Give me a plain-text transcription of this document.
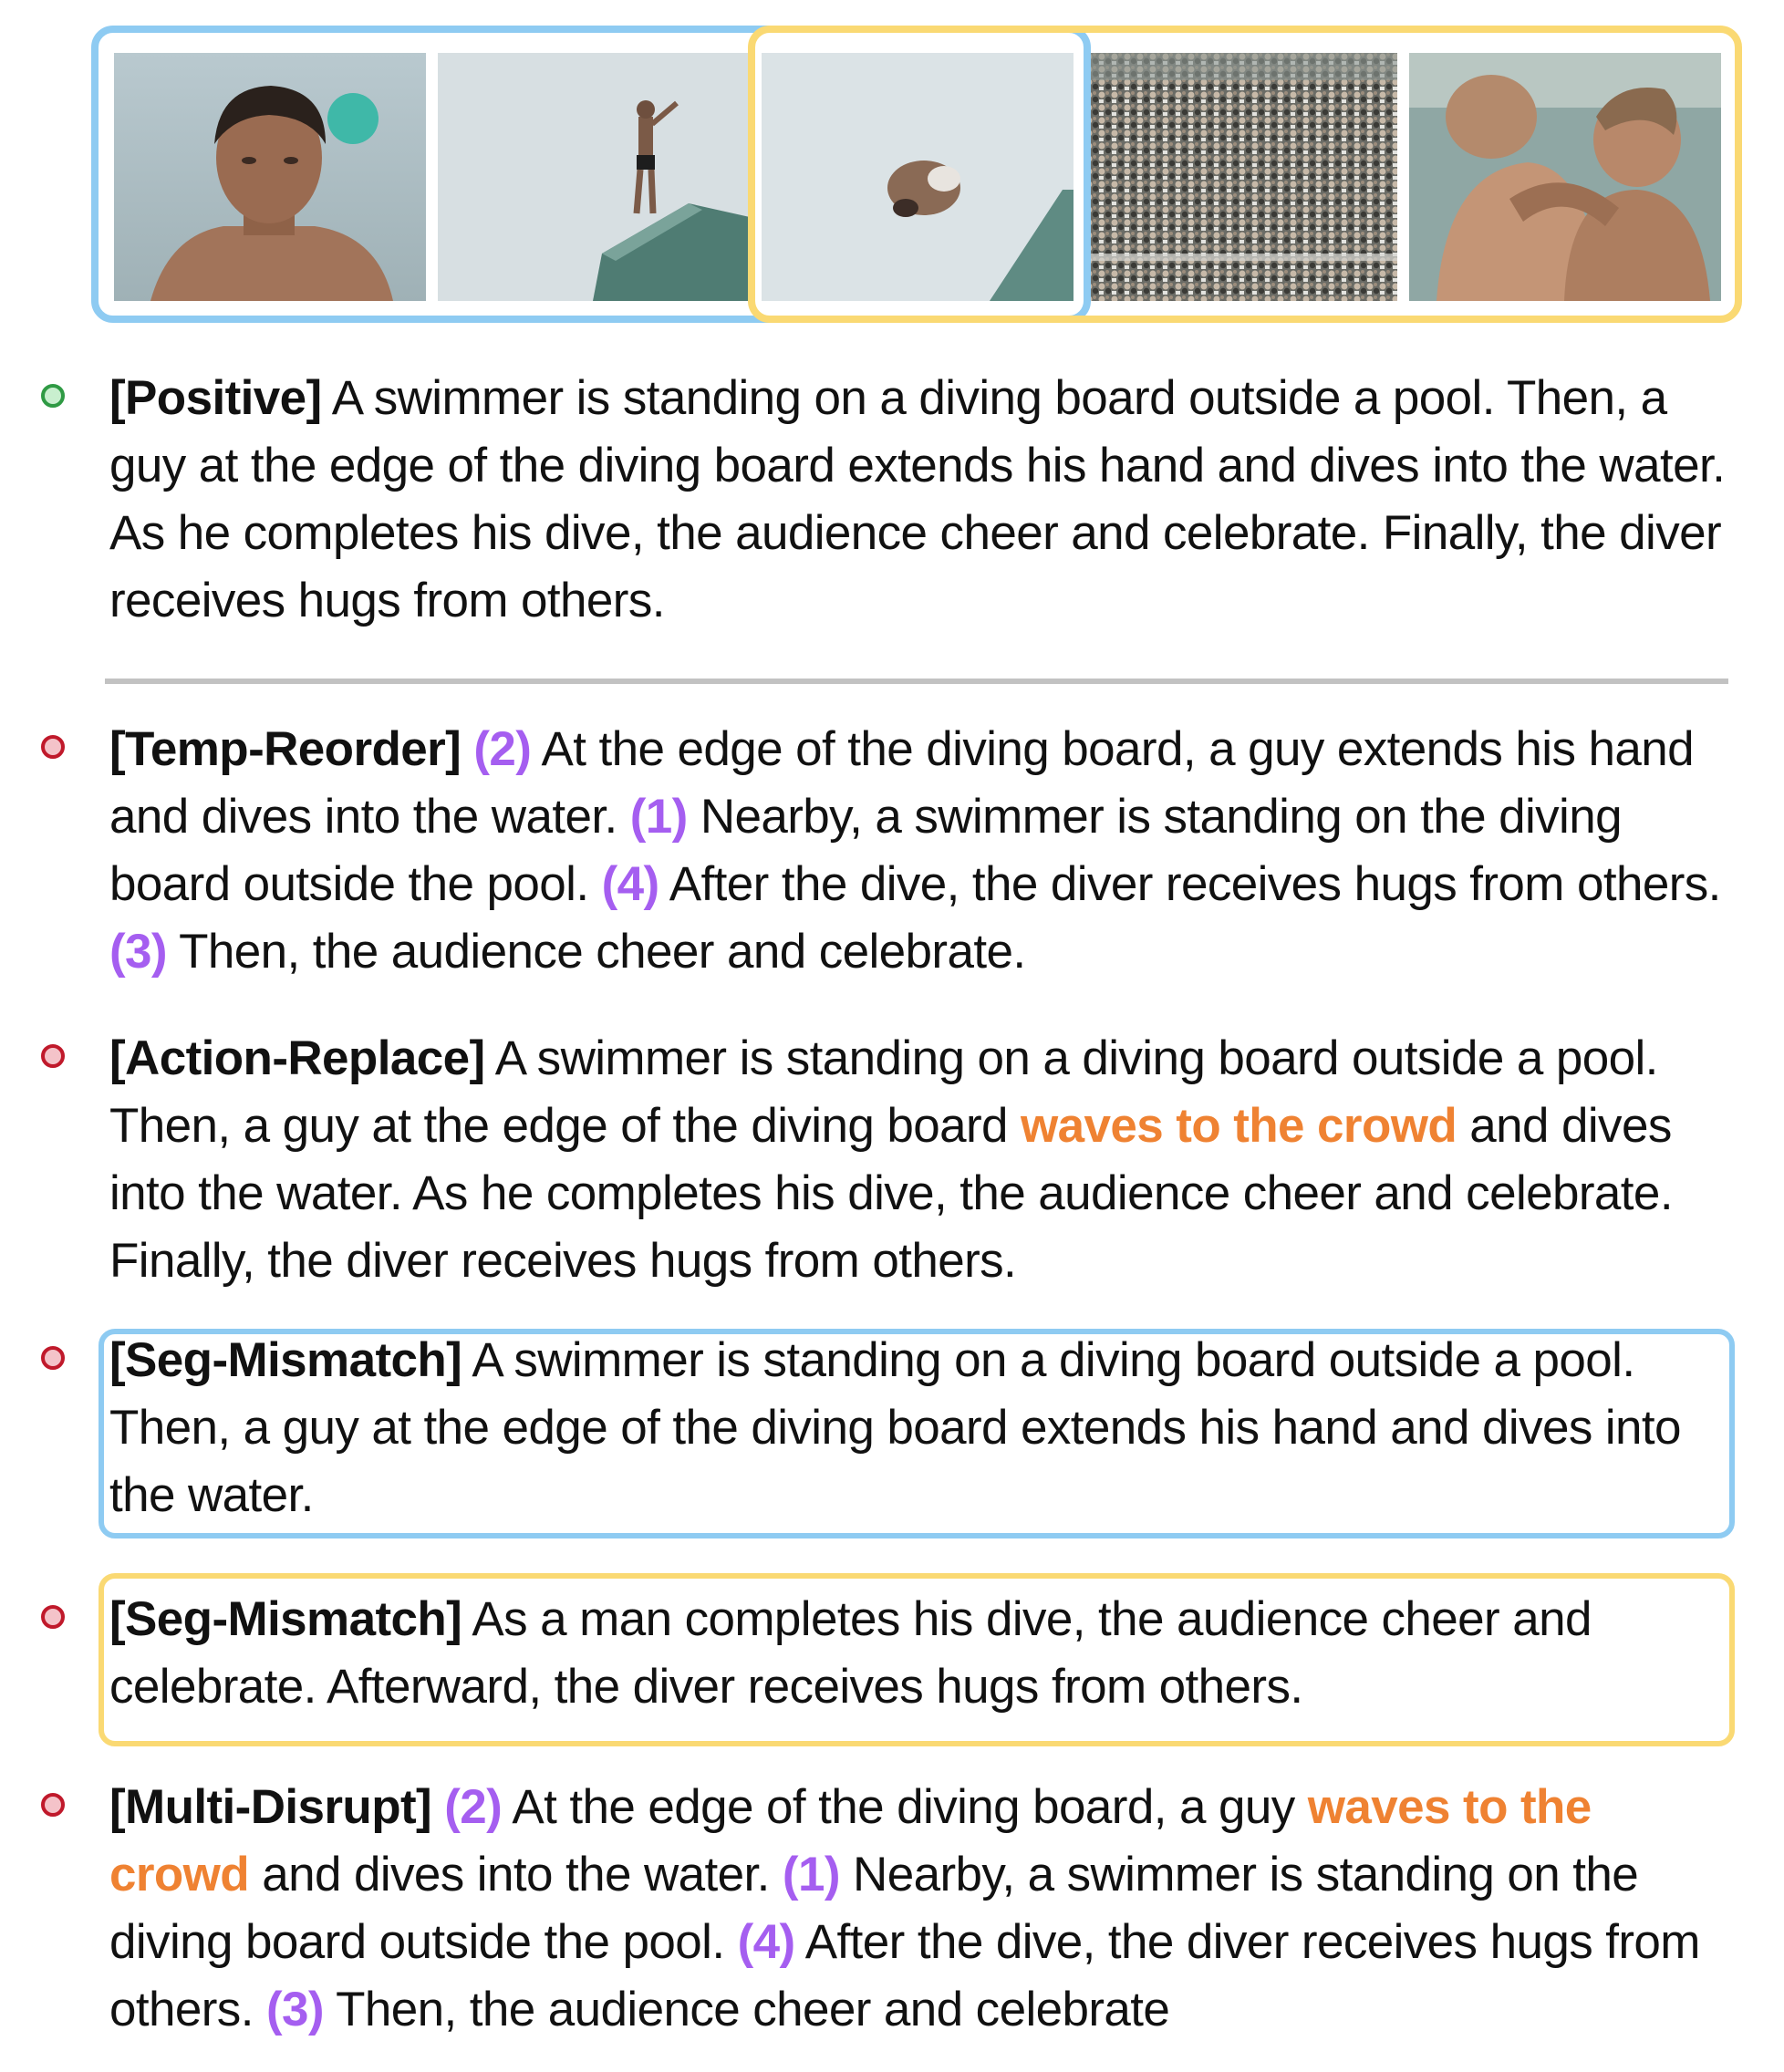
[Positive] A swimmer is standing on a diving board outside a pool. Then, a guy at the edge of the diving board extends his hand and dives into the water. As he completes his dive, the audience cheer and celebrate. Finally, the diver receives hugs from others.
[Temp-Reorder] (2) At the edge of the diving board, a guy extends his hand and dives into the water. (1) Nearby, a swimmer is standing on the diving board outside the pool. (4) After the dive, the diver receives hugs from others. (3) Then, the audience cheer and celebrate.
[Action-Replace] A swimmer is standing on a diving board outside a pool. Then, a guy at the edge of the diving board waves to the crowd and dives into the water. As he completes his dive, the audience cheer and celebrate. Finally, the diver receives hugs from others.
[Seg-Mismatch] A swimmer is standing on a diving board outside a pool. Then, a guy at the edge of the diving board extends his hand and dives into the water.
[Seg-Mismatch] As a man completes his dive, the audience cheer and celebrate. Afterward, the diver receives hugs from others.
[Multi-Disrupt] (2) At the edge of the diving board, a guy waves to the crowd and dives into the water. (1) Nearby, a swimmer is standing on the diving board outside the pool. (4) After the dive, the diver receives hugs from others. (3) Then, the audience cheer and celebrate
